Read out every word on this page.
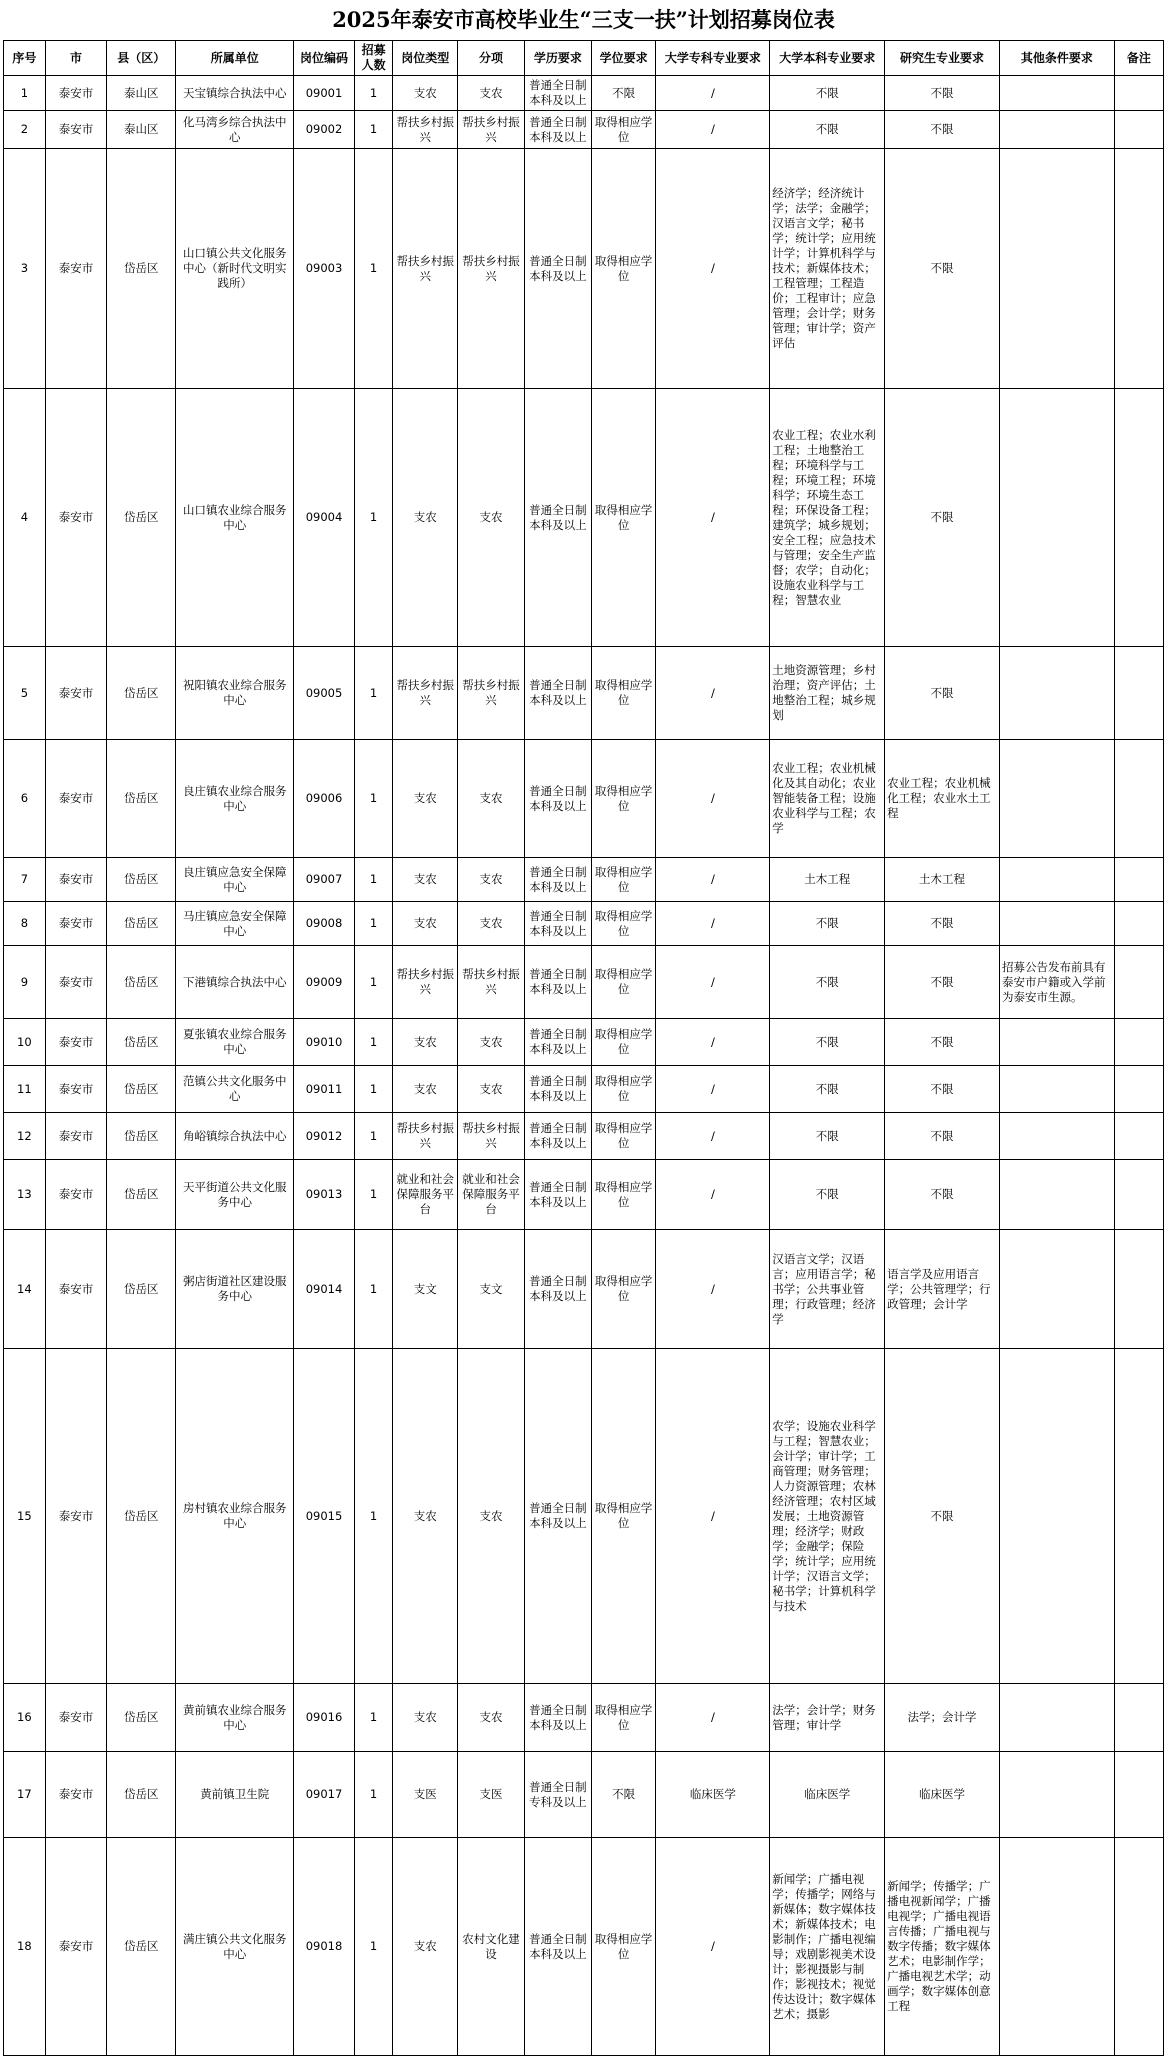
2025年泰安市高校毕业生“三支一扶”计划招募岗位表
序号	市	县（区）	所属单位	岗位编码	招募人数	岗位类型	分项	学历要求	学位要求	大学专科专业要求	大学本科专业要求	研究生专业要求	其他条件要求	备注
1	泰安市	泰山区	天宝镇综合执法中心	09001	1	支农	支农	普通全日制本科及以上	不限	/	不限	不限		
2	泰安市	泰山区	化马湾乡综合执法中心	09002	1	帮扶乡村振兴	帮扶乡村振兴	普通全日制本科及以上	取得相应学位	/	不限	不限		
3	泰安市	岱岳区	山口镇公共文化服务中心（新时代文明实践所）	09003	1	帮扶乡村振兴	帮扶乡村振兴	普通全日制本科及以上	取得相应学位	/	经济学；经济统计学；法学；金融学；汉语言文学；秘书学；统计学；应用统计学；计算机科学与技术；新媒体技术；工程管理；工程造价；工程审计；应急管理；会计学；财务管理；审计学；资产评估	不限		
4	泰安市	岱岳区	山口镇农业综合服务中心	09004	1	支农	支农	普通全日制本科及以上	取得相应学位	/	农业工程；农业水利工程；土地整治工程；环境科学与工程；环境工程；环境科学；环境生态工程；环保设备工程；建筑学；城乡规划；安全工程；应急技术与管理；安全生产监督；农学；自动化；设施农业科学与工程；智慧农业	不限		
5	泰安市	岱岳区	祝阳镇农业综合服务中心	09005	1	帮扶乡村振兴	帮扶乡村振兴	普通全日制本科及以上	取得相应学位	/	土地资源管理；乡村治理；资产评估；土地整治工程；城乡规划	不限		
6	泰安市	岱岳区	良庄镇农业综合服务中心	09006	1	支农	支农	普通全日制本科及以上	取得相应学位	/	农业工程；农业机械化及其自动化；农业智能装备工程；设施农业科学与工程；农学	农业工程；农业机械化工程；农业水土工程		
7	泰安市	岱岳区	良庄镇应急安全保障中心	09007	1	支农	支农	普通全日制本科及以上	取得相应学位	/	土木工程	土木工程		
8	泰安市	岱岳区	马庄镇应急安全保障中心	09008	1	支农	支农	普通全日制本科及以上	取得相应学位	/	不限	不限		
9	泰安市	岱岳区	下港镇综合执法中心	09009	1	帮扶乡村振兴	帮扶乡村振兴	普通全日制本科及以上	取得相应学位	/	不限	不限	招募公告发布前具有泰安市户籍或入学前为泰安市生源。	
10	泰安市	岱岳区	夏张镇农业综合服务中心	09010	1	支农	支农	普通全日制本科及以上	取得相应学位	/	不限	不限		
11	泰安市	岱岳区	范镇公共文化服务中心	09011	1	支农	支农	普通全日制本科及以上	取得相应学位	/	不限	不限		
12	泰安市	岱岳区	角峪镇综合执法中心	09012	1	帮扶乡村振兴	帮扶乡村振兴	普通全日制本科及以上	取得相应学位	/	不限	不限		
13	泰安市	岱岳区	天平街道公共文化服务中心	09013	1	就业和社会保障服务平台	就业和社会保障服务平台	普通全日制本科及以上	取得相应学位	/	不限	不限		
14	泰安市	岱岳区	粥店街道社区建设服务中心	09014	1	支文	支文	普通全日制本科及以上	取得相应学位	/	汉语言文学；汉语言；应用语言学；秘书学；公共事业管理；行政管理；经济学	语言学及应用语言学；公共管理学；行政管理；会计学		
15	泰安市	岱岳区	房村镇农业综合服务中心	09015	1	支农	支农	普通全日制本科及以上	取得相应学位	/	农学；设施农业科学与工程；智慧农业；会计学；审计学；工商管理；财务管理；人力资源管理；农林经济管理；农村区域发展；土地资源管理；经济学；财政学；金融学；保险学；统计学；应用统计学；汉语言文学；秘书学；计算机科学与技术	不限		
16	泰安市	岱岳区	黄前镇农业综合服务中心	09016	1	支农	支农	普通全日制本科及以上	取得相应学位	/	法学；会计学；财务管理；审计学	法学；会计学		
17	泰安市	岱岳区	黄前镇卫生院	09017	1	支医	支医	普通全日制专科及以上	不限	临床医学	临床医学	临床医学		
18	泰安市	岱岳区	满庄镇公共文化服务中心	09018	1	支农	农村文化建设	普通全日制本科及以上	取得相应学位	/	新闻学；广播电视学；传播学；网络与新媒体；数字媒体技术；新媒体技术；电影制作；广播电视编导；戏剧影视美术设计；影视摄影与制作；影视技术；视觉传达设计；数字媒体艺术；摄影	新闻学；传播学；广播电视新闻学；广播电视学；广播电视语言传播；广播电视与数字传播；数字媒体艺术；电影制作学；广播电视艺术学；动画学；数字媒体创意工程		
